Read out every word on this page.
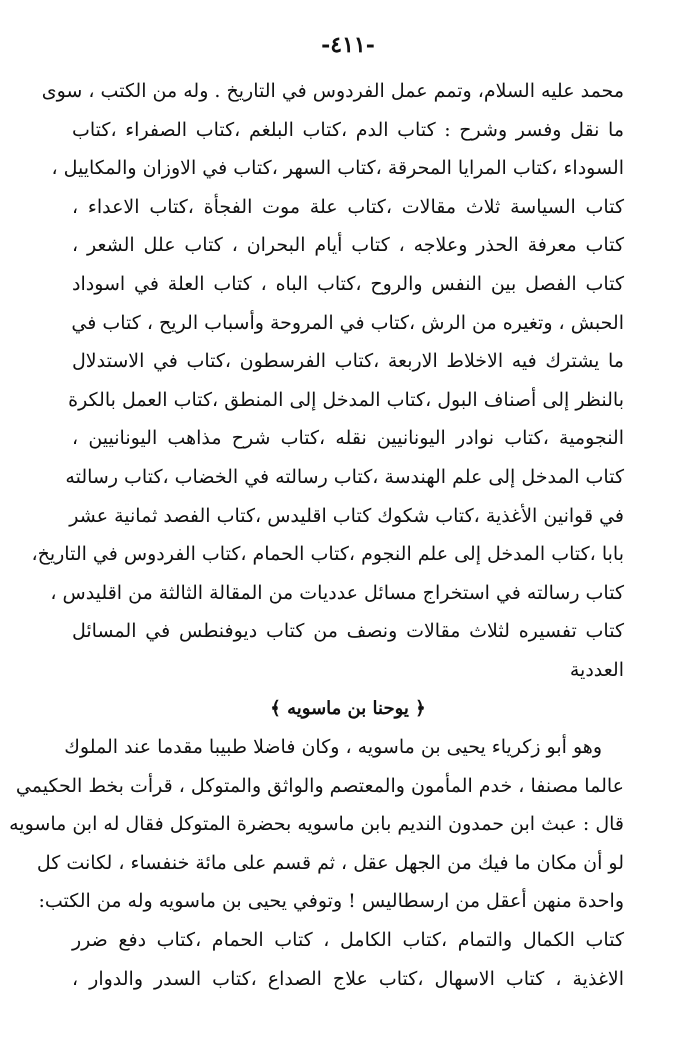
-٤١١-
محمد عليه السلام، وتمم عمل الفردوس في التاريخ . وله من الكتب ، سوى
ما نقل وفسر وشرح : كتاب الدم ،كتاب البلغم ،كتاب الصفراء ،كتاب
السوداء ،كتاب المرايا المحرقة ،كتاب السهر ،كتاب في الاوزان والمكاييل ،
كتاب السياسة ثلاث مقالات ،كتاب علة موت الفجأة ،كتاب الاعداء ،
كتاب معرفة الحذر وعلاجه ، كتاب أيام البحران ، كتاب علل الشعر ،
كتاب الفصل بين النفس والروح ،كتاب الباه ، كتاب العلة في اسوداد
الحبش ، وتغيره من الرش ،كتاب في المروحة وأسباب الريح ، كتاب في
ما يشترك فيه الاخلاط الاربعة ،كتاب الفرسطون ،كتاب في الاستدلال
بالنظر إلى أصناف البول ،كتاب المدخل إلى المنطق ،كتاب العمل بالكرة
النجومية ،كتاب نوادر اليونانيين نقله ،كتاب شرح مذاهب اليونانيين ،
كتاب المدخل إلى علم الهندسة ،كتاب رسالته في الخضاب ،كتاب رسالته
في قوانين الأغذية ،كتاب شكوك كتاب اقليدس ،كتاب الفصد ثمانية عشر
بابا ،كتاب المدخل إلى علم النجوم ،كتاب الحمام ،كتاب الفردوس في التاريخ،
كتاب رسالته في استخراج مسائل عدديات من المقالة الثالثة من اقليدس ،
كتاب تفسيره لثلاث مقالات ونصف من كتاب ديوفنطس في المسائل
العددية
﴿ يوحنا بن ماسويه ﴾
وهو أبو زكرياء يحيى بن ماسويه ، وكان فاضلا طبيبا مقدما عند الملوك
عالما مصنفا ، خدم المأمون والمعتصم والواثق والمتوكل ، قرأت بخط الحكيمي
قال : عبث ابن حمدون النديم بابن ماسويه بحضرة المتوكل فقال له ابن ماسويه
لو أن مكان ما فيك من الجهل عقل ، ثم قسم على مائة خنفساء ، لكانت كل
واحدة منهن أعقل من ارسطاليس ! وتوفي يحيى بن ماسويه وله من الكتب:
كتاب الكمال والتمام ،كتاب الكامل ، كتاب الحمام ،كتاب دفع ضرر
الاغذية ، كتاب الاسهال ،كتاب علاج الصداع ،كتاب السدر والدوار ،
